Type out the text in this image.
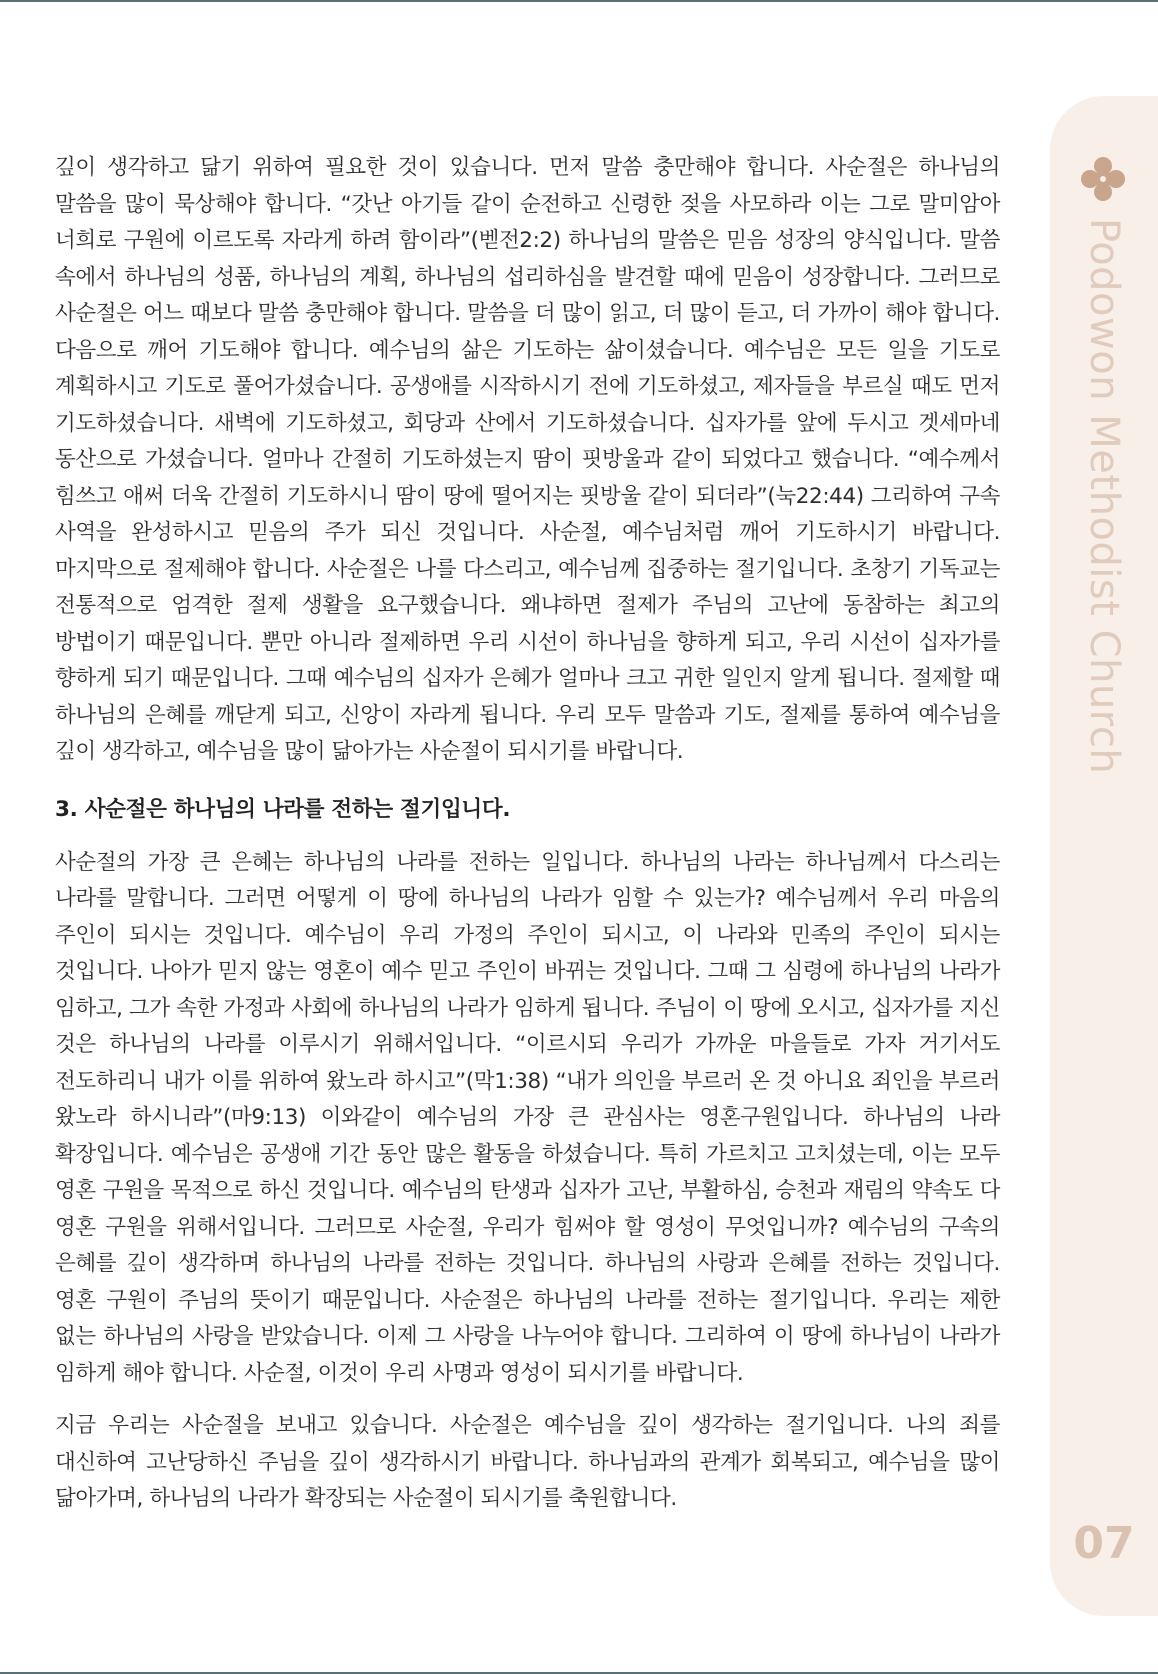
깊이 생각하고 닮기 위하여 필요한 것이 있습니다. 먼저 말씀 충만해야 합니다. 사순절은 하나님의 말씀을 많이 묵상해야 합니다. “갓난 아기들 같이 순전하고 신령한 젖을 사모하라 이는 그로 말미암아 너희로 구원에 이르도록 자라게 하려 함이라”(벧전2:2) 하나님의 말씀은 믿음 성장의 양식입니다. 말씀 속에서 하나님의 성품, 하나님의 계획, 하나님의 섭리하심을 발견할 때에 믿음이 성장합니다. 그러므로 사순절은 어느 때보다 말씀 충만해야 합니다. 말씀을 더 많이 읽고, 더 많이 듣고, 더 가까이 해야 합니다. 다음으로 깨어 기도해야 합니다. 예수님의 삶은 기도하는 삶이셨습니다. 예수님은 모든 일을 기도로 계획하시고 기도로 풀어가셨습니다. 공생애를 시작하시기 전에 기도하셨고, 제자들을 부르실 때도 먼저 기도하셨습니다. 새벽에 기도하셨고, 회당과 산에서 기도하셨습니다. 십자가를 앞에 두시고 겟세마네 동산으로 가셨습니다. 얼마나 간절히 기도하셨는지 땀이 핏방울과 같이 되었다고 했습니다. “예수께서 힘쓰고 애써 더욱 간절히 기도하시니 땀이 땅에 떨어지는 핏방울 같이 되더라”(눅22:44) 그리하여 구속 사역을 완성하시고 믿음의 주가 되신 것입니다. 사순절, 예수님처럼 깨어 기도하시기 바랍니다. 마지막으로 절제해야 합니다. 사순절은 나를 다스리고, 예수님께 집중하는 절기입니다. 초창기 기독교는 전통적으로 엄격한 절제 생활을 요구했습니다. 왜냐하면 절제가 주님의 고난에 동참하는 최고의 방법이기 때문입니다. 뿐만 아니라 절제하면 우리 시선이 하나님을 향하게 되고, 우리 시선이 십자가를 향하게 되기 때문입니다. 그때 예수님의 십자가 은혜가 얼마나 크고 귀한 일인지 알게 됩니다. 절제할 때 하나님의 은혜를 깨닫게 되고, 신앙이 자라게 됩니다. 우리 모두 말씀과 기도, 절제를 통하여 예수님을 깊이 생각하고, 예수님을 많이 닮아가는 사순절이 되시기를 바랍니다.

3. 사순절은 하나님의 나라를 전하는 절기입니다.

사순절의 가장 큰 은혜는 하나님의 나라를 전하는 일입니다. 하나님의 나라는 하나님께서 다스리는 나라를 말합니다. 그러면 어떻게 이 땅에 하나님의 나라가 임할 수 있는가? 예수님께서 우리 마음의 주인이 되시는 것입니다. 예수님이 우리 가정의 주인이 되시고, 이 나라와 민족의 주인이 되시는 것입니다. 나아가 믿지 않는 영혼이 예수 믿고 주인이 바뀌는 것입니다. 그때 그 심령에 하나님의 나라가 임하고, 그가 속한 가정과 사회에 하나님의 나라가 임하게 됩니다. 주님이 이 땅에 오시고, 십자가를 지신 것은 하나님의 나라를 이루시기 위해서입니다. “이르시되 우리가 가까운 마을들로 가자 거기서도 전도하리니 내가 이를 위하여 왔노라 하시고”(막1:38) “내가 의인을 부르러 온 것 아니요 죄인을 부르러 왔노라 하시니라”(마9:13) 이와같이 예수님의 가장 큰 관심사는 영혼구원입니다. 하나님의 나라 확장입니다. 예수님은 공생애 기간 동안 많은 활동을 하셨습니다. 특히 가르치고 고치셨는데, 이는 모두 영혼 구원을 목적으로 하신 것입니다. 예수님의 탄생과 십자가 고난, 부활하심, 승천과 재림의 약속도 다 영혼 구원을 위해서입니다. 그러므로 사순절, 우리가 힘써야 할 영성이 무엇입니까? 예수님의 구속의 은혜를 깊이 생각하며 하나님의 나라를 전하는 것입니다. 하나님의 사랑과 은혜를 전하는 것입니다. 영혼 구원이 주님의 뜻이기 때문입니다. 사순절은 하나님의 나라를 전하는 절기입니다. 우리는 제한 없는 하나님의 사랑을 받았습니다. 이제 그 사랑을 나누어야 합니다. 그리하여 이 땅에 하나님이 나라가 임하게 해야 합니다. 사순절, 이것이 우리 사명과 영성이 되시기를 바랍니다.

지금 우리는 사순절을 보내고 있습니다. 사순절은 예수님을 깊이 생각하는 절기입니다. 나의 죄를 대신하여 고난당하신 주님을 깊이 생각하시기 바랍니다. 하나님과의 관계가 회복되고, 예수님을 많이 닮아가며, 하나님의 나라가 확장되는 사순절이 되시기를 축원합니다.

Podowon Methodist Church
07
